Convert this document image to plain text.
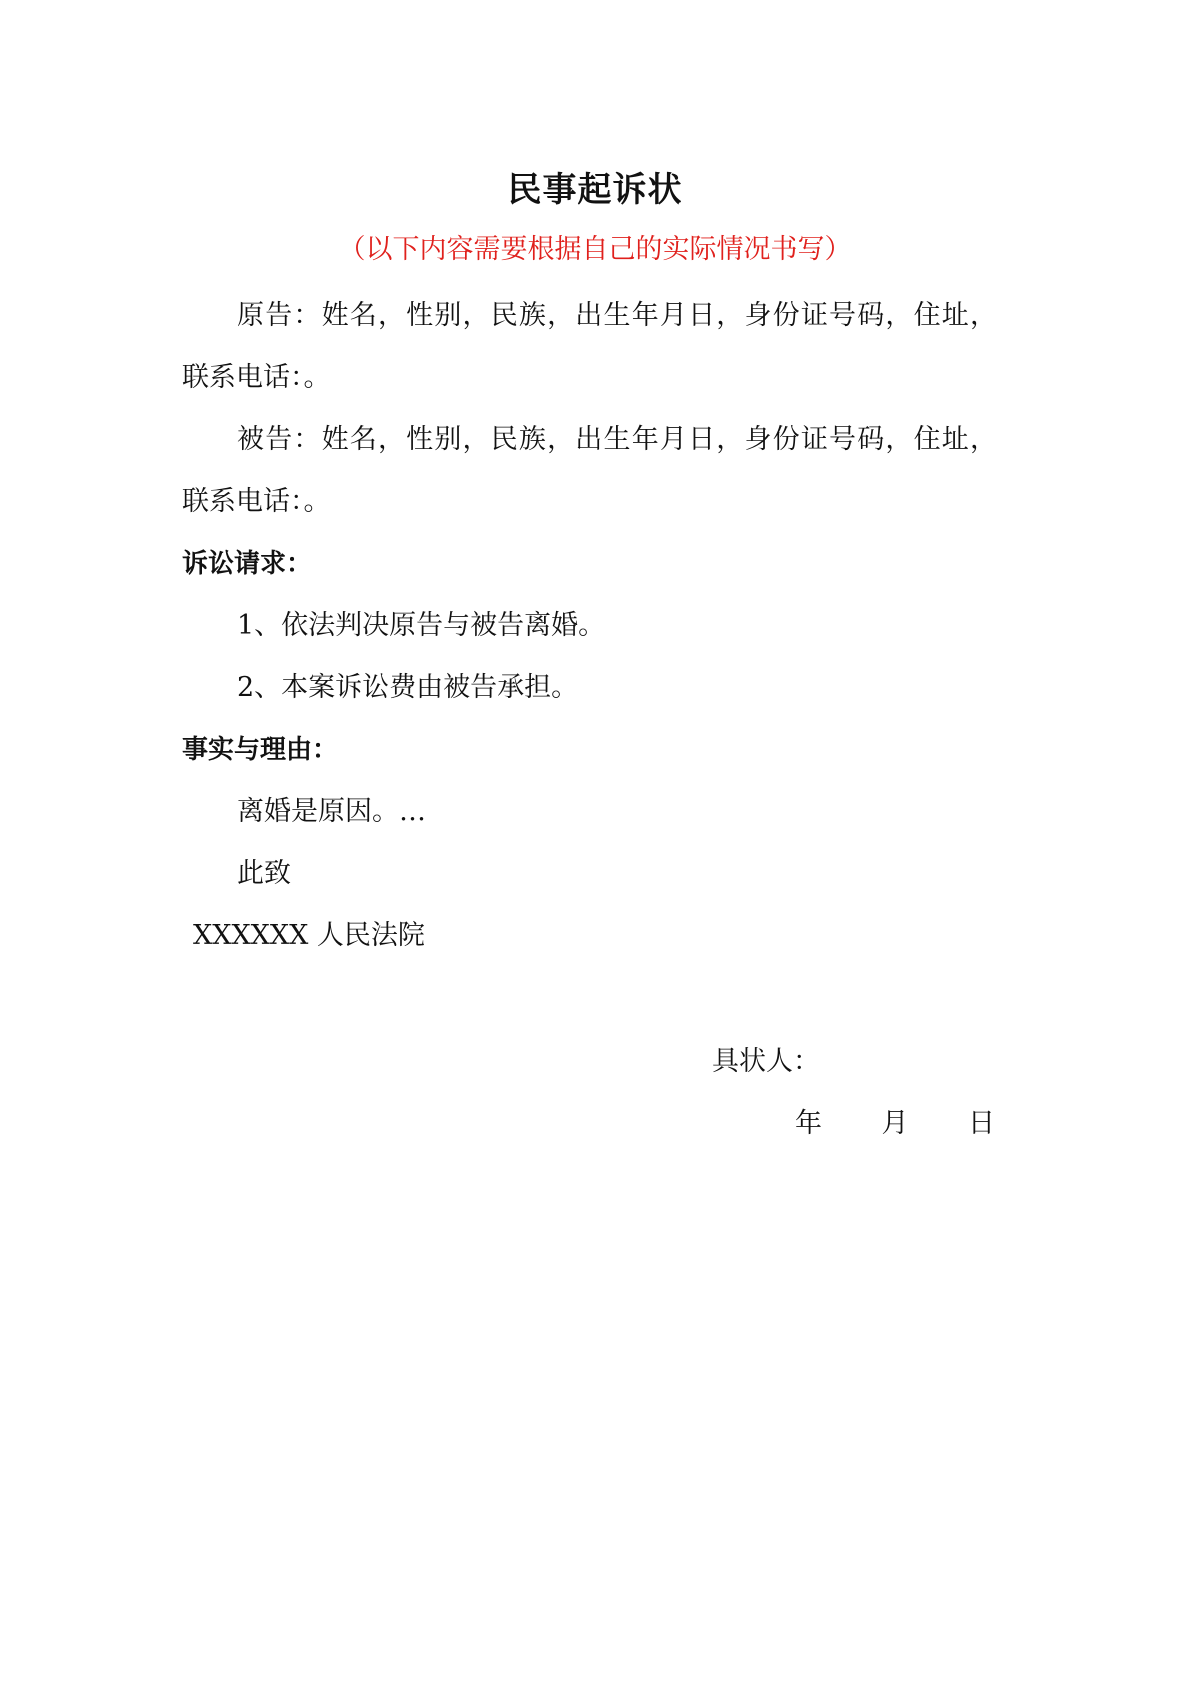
民事起诉状
（以下内容需要根据自己的实际情况书写）
原告：姓名，性别，民族，出生年月日，身份证号码，住址，
联系电话：。
被告：姓名，性别，民族，出生年月日，身份证号码，住址，
联系电话：。
诉讼请求：
1、依法判决原告与被告离婚。
2、本案诉讼费由被告承担。
事实与理由：
离婚是原因。…
此致
XXXXXX 人民法院
具状人：
年 月 日
